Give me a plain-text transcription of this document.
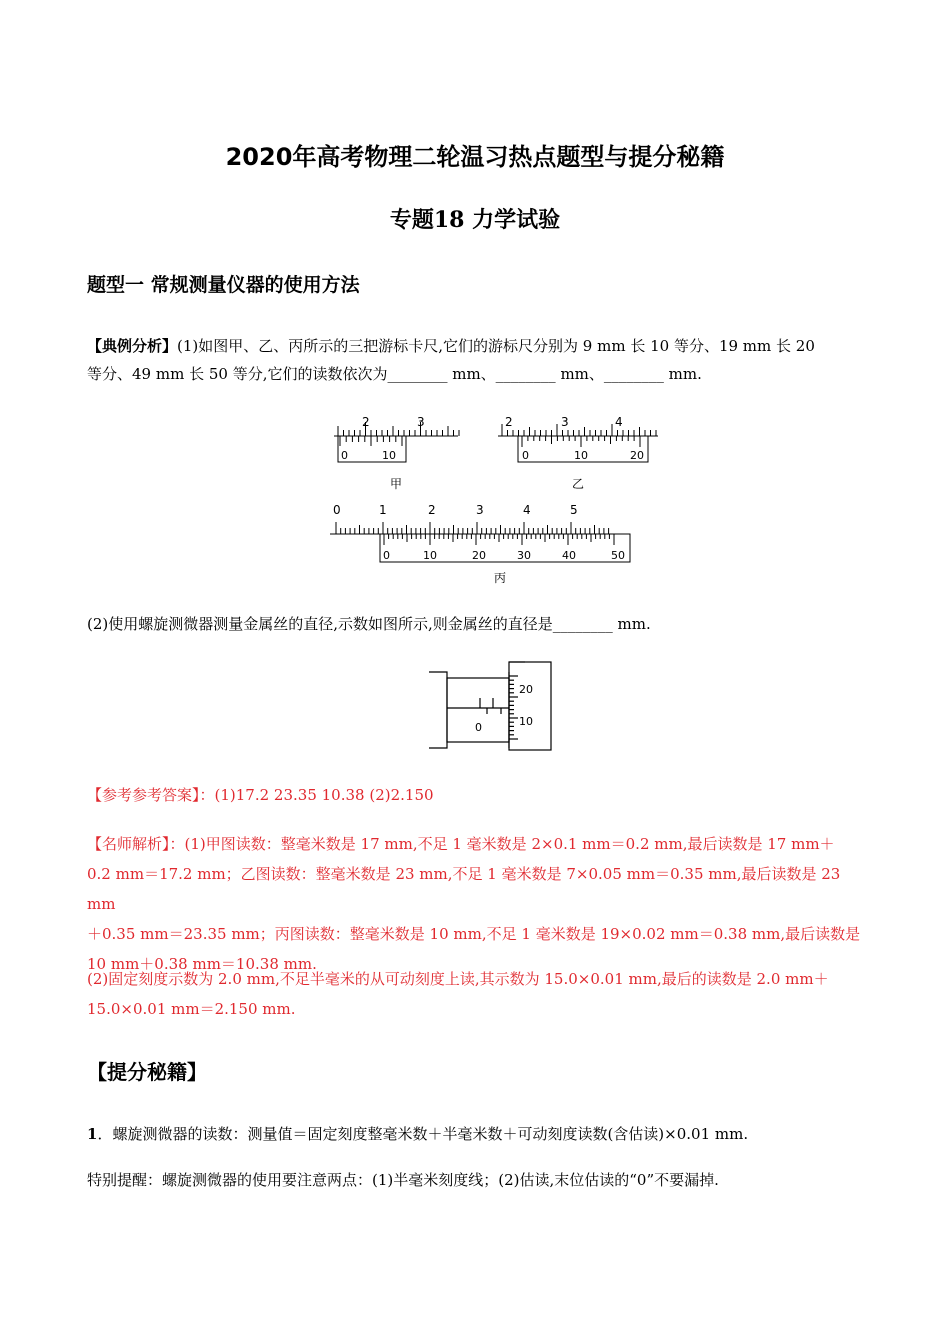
2020年高考物理二轮温习热点题型与提分秘籍
专题18 力学试验
题型一 常规测量仪器的使用方法
【典例分析】(1)如图甲、乙、丙所示的三把游标卡尺,它们的游标尺分别为 9 mm 长 10 等分、19 mm 长 20
等分、49 mm 长 50 等分,它们的读数依次为________ mm、________ mm、________ mm.
2	3
0	10
甲
2	3	4
0	10	20
乙
0	1	2	3	4	5
0	10	20	30	40	50
丙
(2)使用螺旋测微器测量金属丝的直径,示数如图所示,则金属丝的直径是________ mm.
0
20
10
【参考参考答案】：(1)17.2 23.35 10.38 (2)2.150
【名师解析】：(1)甲图读数：整毫米数是 17 mm,不足 1 毫米数是 2×0.1 mm＝0.2 mm,最后读数是 17 mm＋
0.2 mm＝17.2 mm；乙图读数：整毫米数是 23 mm,不足 1 毫米数是 7×0.05 mm＝0.35 mm,最后读数是 23 mm
＋0.35 mm＝23.35 mm；丙图读数：整毫米数是 10 mm,不足 1 毫米数是 19×0.02 mm＝0.38 mm,最后读数是
10 mm＋0.38 mm＝10.38 mm.
(2)固定刻度示数为 2.0 mm,不足半毫米的从可动刻度上读,其示数为 15.0×0.01 mm,最后的读数是 2.0 mm＋
15.0×0.01 mm＝2.150 mm.
【提分秘籍】
1．螺旋测微器的读数：测量值＝固定刻度整毫米数＋半毫米数＋可动刻度读数(含估读)×0.01 mm.
特别提醒：螺旋测微器的使用要注意两点：(1)半毫米刻度线；(2)估读,末位估读的“0”不要漏掉.
